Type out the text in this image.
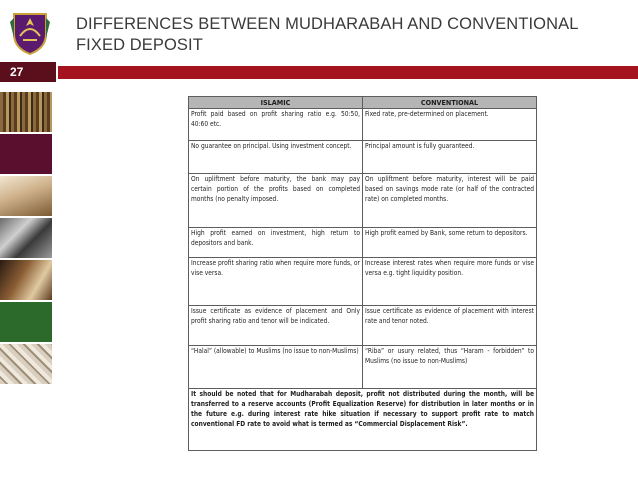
DIFFERENCES BETWEEN MUDHARABAH AND CONVENTIONAL FIXED DEPOSIT
27
ISLAMIC	CONVENTIONAL
Profit paid based on profit sharing ratio e.g. 50:50, 40:60 etc.	Fixed rate, pre-determined on placement.
No guarantee on principal. Using investment concept.	Principal amount is fully guaranteed.
On upliftment before maturity, the bank may pay certain portion of the profits based on completed months (no penalty imposed.	On upliftment before maturity, interest will be paid based on savings mode rate (or half of the contracted rate) on completed months.
High profit earned on investment, high return to depositors and bank.	High profit earned by Bank, some return to depositors.
Increase profit sharing ratio when require more funds, or vise versa.	Increase interest rates when require more funds or vise versa e.g. tight liquidity position.
Issue certificate as evidence of placement and Only profit sharing ratio and tenor will be indicated.	Issue certificate as evidence of placement with interest rate and tenor noted.
“Halal” (allowable) to Muslims (no issue to non-Muslims)	“Riba” or usury related, thus “Haram - forbidden” to Muslims (no issue to non-Muslims)
It should be noted that for Mudharabah deposit, profit not distributed during the month, will be transferred to a reserve accounts (Profit Equalization Reserve) for distribution in later months or in the future e.g. during interest rate hike situation if necessary to support profit rate to match conventional FD rate to avoid what is termed as “Commercial Displacement Risk”.	
